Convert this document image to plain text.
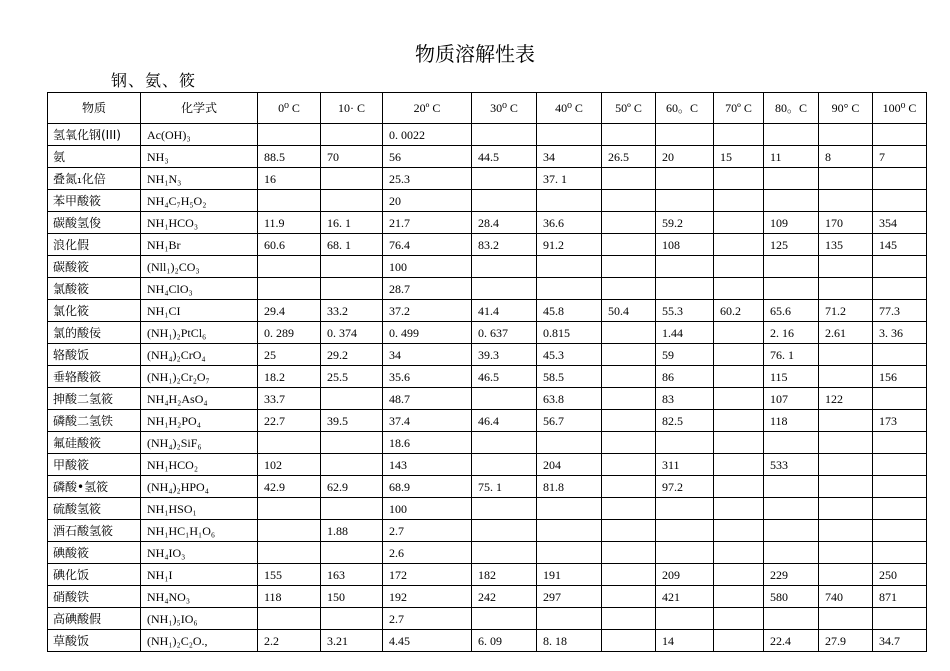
物质溶解性表
钢、氨、筱
物质	化学式	0⁰ C	10· C	20º C	30⁰ C	40⁰ C	50º C	60。C	70º C	80。C	90° C	100⁰ C
氢氧化钢(III)	Ac(OH)₃			0. 0022								
氨	NH₃	88.5	70	56	44.5	34	26.5	20	15	11	8	7
叠氮₁化倍	NH₁N₃	16		25.3		37. 1						
苯甲酸筱	NH₄C₇H₅O₂			20								
碳酸氢俊	NH₁HCO₃	11.9	16. 1	21.7	28.4	36.6		59.2		109	170	354
浪化假	NH₁Br	60.6	68. 1	76.4	83.2	91.2		108		125	135	145
碳酸筱	(Nll₁)₂CO₃			100								
氯酸筱	NH₄ClO₃			28.7								
氯化筱	NH₁CI	29.4	33.2	37.2	41.4	45.8	50.4	55.3	60.2	65.6	71.2	77.3
氯的酸佞	(NH₁)₂PtCl₆	0. 289	0. 374	0. 499	0. 637	0.815		1.44		2. 16	2.61	3. 36
辂酸饭	(NH₄)₂CrO₄	25	29.2	34	39.3	45.3		59		76. 1		
垂辂酸筱	(NH₁)₂Cr₂O₇	18.2	25.5	35.6	46.5	58.5		86		115		156
抻酸二氢筱	NH₄H₂AsO₄	33.7		48.7		63.8		83		107	122	
磷酸二氢铁	NH₁H₂PO₄	22.7	39.5	37.4	46.4	56.7		82.5		118		173
氟硅酸筱	(NH₄)₂SiF₆			18.6								
甲酸筱	NH₁HCO₂	102		143		204		311		533		
磷酸•氢筱	(NH₄)₂HPO₄	42.9	62.9	68.9	75. 1	81.8		97.2				
硫酸氢筱	NH₁HSO₁			100								
酒石酸氢筱	NH₁HC₁H₁O₆		1.88	2.7								
碘酸筱	NH₄IO₃			2.6								
碘化饭	NH₁I	155	163	172	182	191		209		229		250
硝酸铁	NH₄NO₃	118	150	192	242	297		421		580	740	871
高碘酸假	(NH₁)₅IO₆			2.7								
草酸饭	(NH₁)₂C₂O.,	2.2	3.21	4.45	6. 09	8. 18		14		22.4	27.9	34.7
